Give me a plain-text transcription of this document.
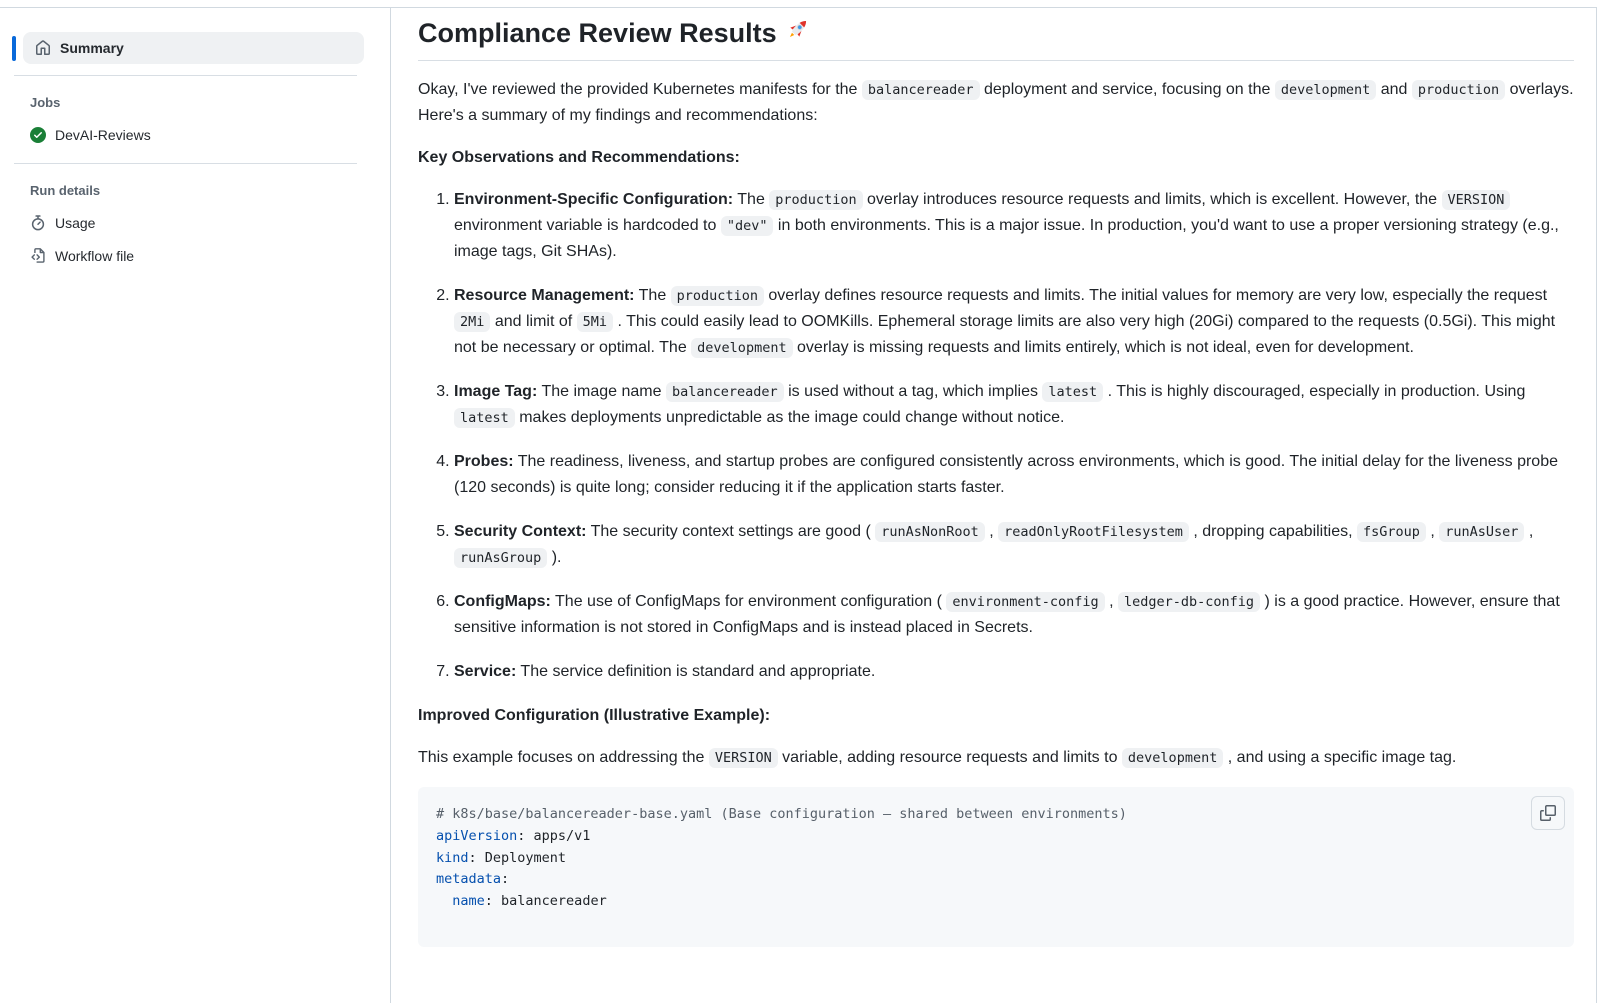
Summary
Jobs
DevAI-Reviews
Run details
Usage
Workflow file
Compliance Review Results

Okay, I've reviewed the provided Kubernetes manifests for the balancereader deployment and service, focusing on the development and production overlays. Here's a summary of my findings and recommendations:

Key Observations and Recommendations:

1. Environment-Specific Configuration: The production overlay introduces resource requests and limits, which is excellent. However, the VERSION environment variable is hardcoded to "dev" in both environments. This is a major issue. In production, you'd want to use a proper versioning strategy (e.g., image tags, Git SHAs).
2. Resource Management: The production overlay defines resource requests and limits. The initial values for memory are very low, especially the request 2Mi and limit of 5Mi . This could easily lead to OOMKills. Ephemeral storage limits are also very high (20Gi) compared to the requests (0.5Gi). This might not be necessary or optimal. The development overlay is missing requests and limits entirely, which is not ideal, even for development.
3. Image Tag: The image name balancereader is used without a tag, which implies latest . This is highly discouraged, especially in production. Using latest makes deployments unpredictable as the image could change without notice.
4. Probes: The readiness, liveness, and startup probes are configured consistently across environments, which is good. The initial delay for the liveness probe (120 seconds) is quite long; consider reducing it if the application starts faster.
5. Security Context: The security context settings are good ( runAsNonRoot , readOnlyRootFilesystem , dropping capabilities, fsGroup , runAsUser , runAsGroup ).
6. ConfigMaps: The use of ConfigMaps for environment configuration ( environment-config , ledger-db-config ) is a good practice. However, ensure that sensitive information is not stored in ConfigMaps and is instead placed in Secrets.
7. Service: The service definition is standard and appropriate.

Improved Configuration (Illustrative Example):

This example focuses on addressing the VERSION variable, adding resource requests and limits to development , and using a specific image tag.

# k8s/base/balancereader-base.yaml (Base configuration — shared between environments)
apiVersion: apps/v1
kind: Deployment
metadata:
name: balancereader
